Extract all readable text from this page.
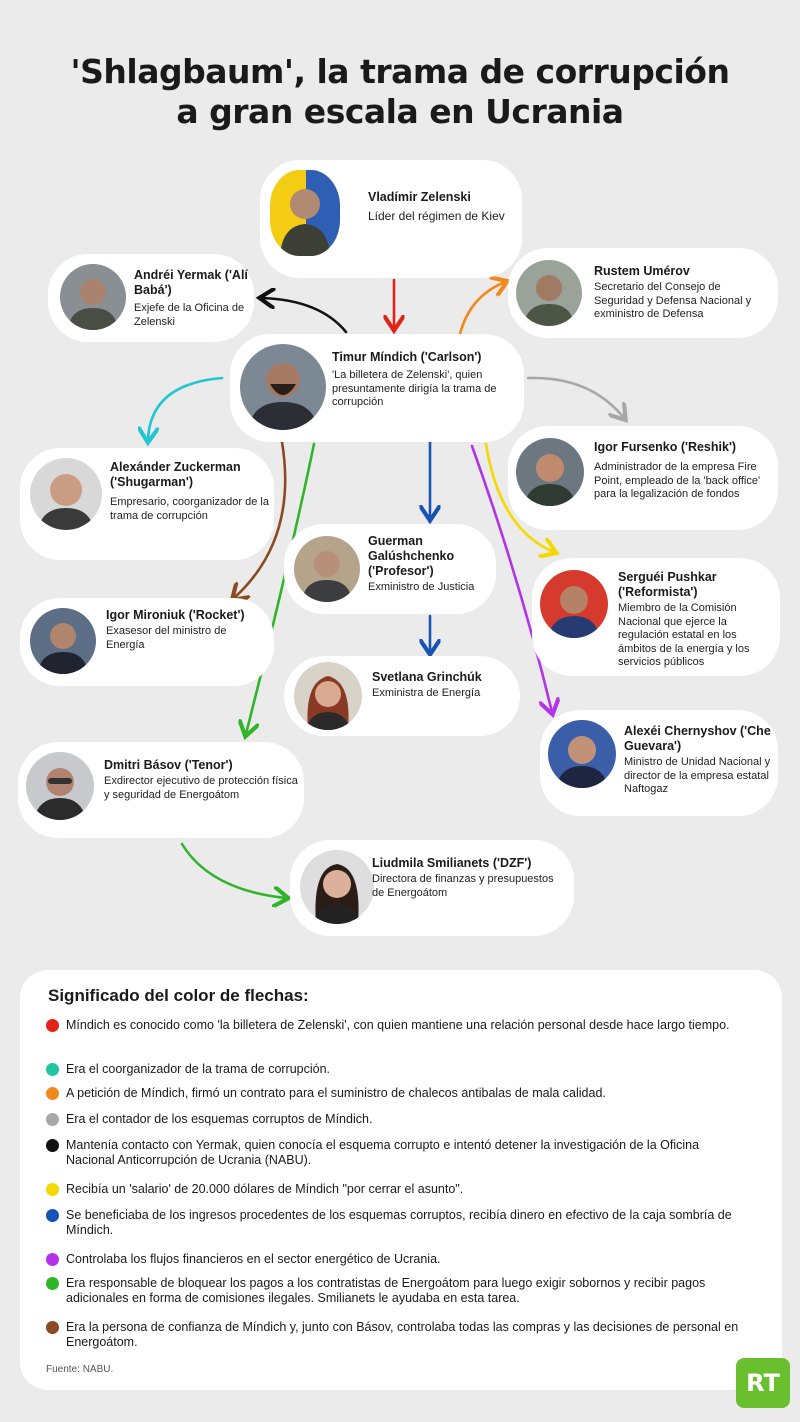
'Shlagbaum', la trama de corrupción
a gran escala en Ucrania
Vladímir Zelenski
Líder del régimen de Kiev
Andréi Yermak ('Alí Babá')
Exjefe de la Oficina de Zelenski
Rustem Umérov
Secretario del Consejo de Seguridad y Defensa Nacional y exministro de Defensa
Timur Míndich ('Carlson')
'La billetera de Zelenski', quien presuntamente dirigía la trama de corrupción
Alexánder Zuckerman ('Shugarman')
Empresario, coorganizador de la trama de corrupción
Igor Fursenko ('Reshik')
Administrador de la empresa Fire Point, empleado de la 'back office' para la legalización de fondos
Guerman Galúshchenko ('Profesor')
Exministro de Justicia
Serguéi Pushkar ('Reformista')
Miembro de la Comisión Nacional que ejerce la regulación estatal en los ámbitos de la energía y los servicios públicos
Igor Mironiuk ('Rocket')
Exasesor del ministro de Energía
Svetlana Grinchúk
Exministra de Energía
Alexéi Chernyshov ('Che Guevara')
Ministro de Unidad Nacional y director de la empresa estatal Naftogaz
Dmitri Básov ('Tenor')
Exdirector ejecutivo de protección física y seguridad de Energoátom
Liudmila Smilianets ('DZF')
Directora de finanzas y presupuestos de Energoátom
Significado del color de flechas:
Míndich es conocido como 'la billetera de Zelenski', con quien mantiene una relación personal desde hace largo tiempo.
Era el coorganizador de la trama de corrupción.
A petición de Míndich, firmó un contrato para el suministro de chalecos antibalas de mala calidad.
Era el contador de los esquemas corruptos de Míndich.
Mantenía contacto con Yermak, quien conocía el esquema corrupto e intentó detener la investigación de la Oficina Nacional Anticorrupción de Ucrania (NABU).
Recibía un 'salario' de 20.000 dólares de Míndich "por cerrar el asunto".
Se beneficiaba de los ingresos procedentes de los esquemas corruptos, recibía dinero en efectivo de la caja sombría de Míndich.
Controlaba los flujos financieros en el sector energético de Ucrania.
Era responsable de bloquear los pagos a los contratistas de Energoátom para luego exigir sobornos y recibir pagos adicionales en forma de comisiones ilegales. Smilianets le ayudaba en esta tarea.
Era la persona de confianza de Míndich y, junto con Básov, controlaba todas las compras y las decisiones de personal en Energoátom.
Fuente: NABU.	RT
